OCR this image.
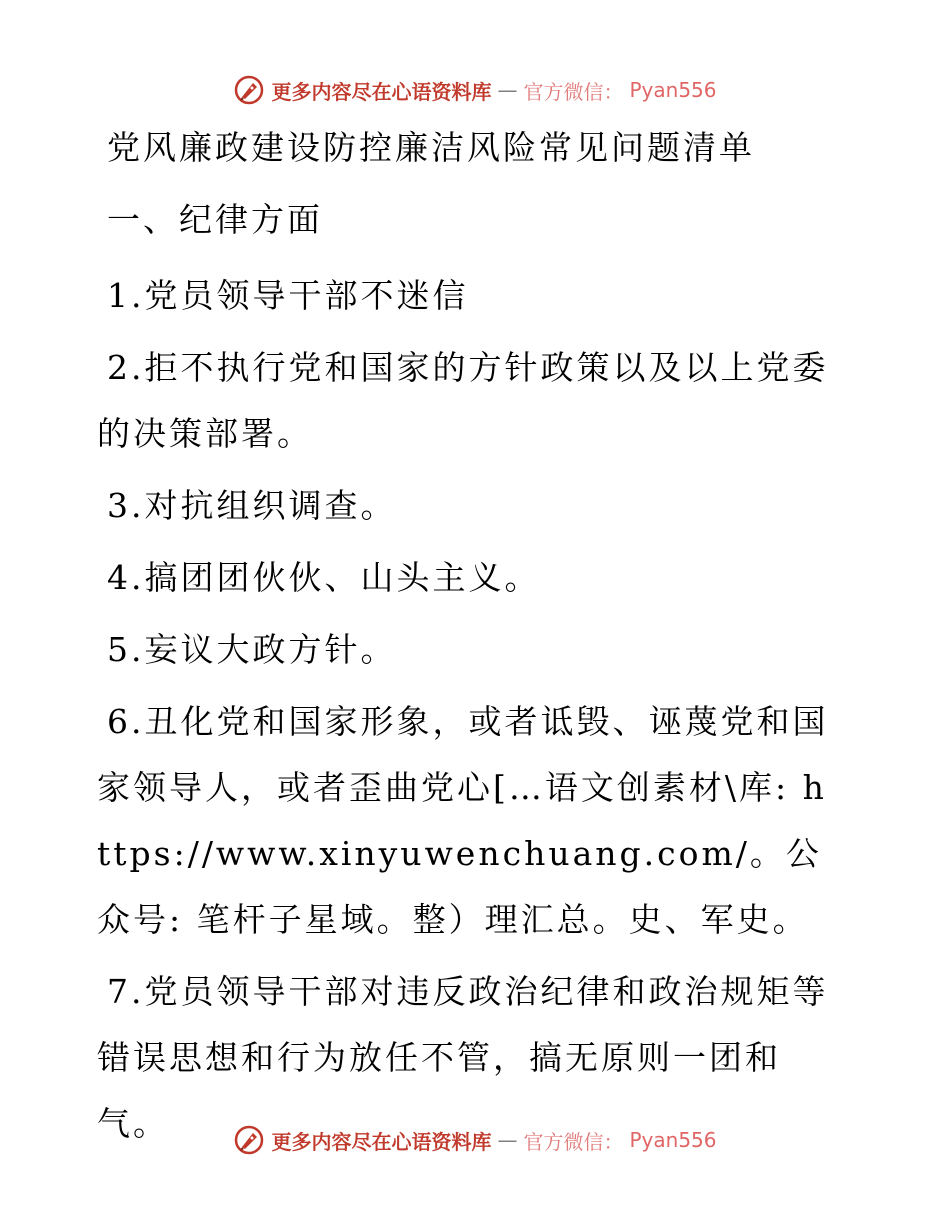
更多内容尽在心语资料库 — 官方微信： Pyan556
党风廉政建设防控廉洁风险常见问题清单
一、纪律方面

1.党员领导干部不迷信

2.拒不执行党和国家的方针政策以及以上党委的决策部署。

3.对抗组织调查。

4.搞团团伙伙、山头主义。

5.妄议大政方针。

6.丑化党和国家形象，或者诋毁、诬蔑党和国家领导人，或者歪曲党心[…语文创素材\库: https://www.xinyuwenchuang.com/。公众号: 笔杆子星域。整）理汇总。史、军史。

7.党员领导干部对违反政治纪律和政治规矩等错误思想和行为放任不管，搞无原则一团和气。	更多内容尽在心语资料库 — 官方微信： Pyan556
